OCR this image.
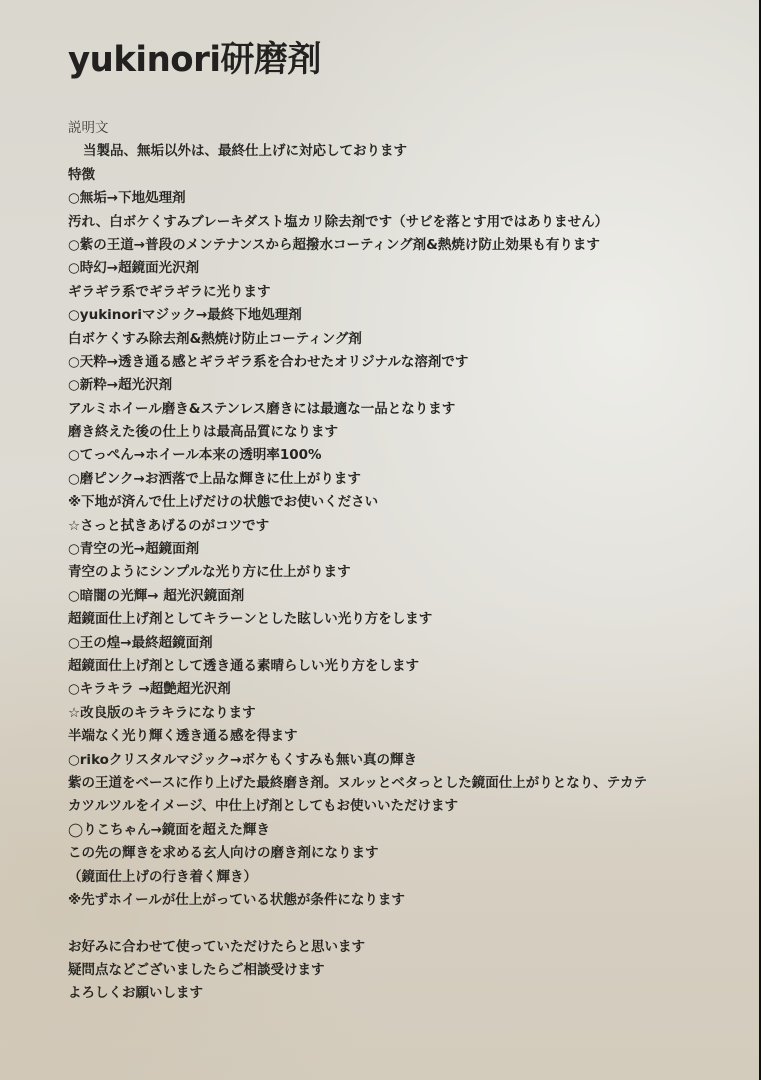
yukinori研磨剤
説明文
当製品、無垢以外は、最終仕上げに対応しております
特徴
○無垢→下地処理剤
汚れ、白ボケくすみブレーキダスト塩カリ除去剤です（サビを落とす用ではありません）
○紫の王道→普段のメンテナンスから超撥水コーティング剤&熱焼け防止効果も有ります
○時幻→超鏡面光沢剤
ギラギラ系でギラギラに光ります
○yukinoriマジック→最終下地処理剤
白ボケくすみ除去剤&熱焼け防止コーティング剤
○天粋→透き通る感とギラギラ系を合わせたオリジナルな溶剤です
○新粋→超光沢剤
アルミホイール磨き&ステンレス磨きには最適な一品となります
磨き終えた後の仕上りは最高品質になります
○てっぺん→ホイール本来の透明率100%
○磨ピンク→お洒落で上品な輝きに仕上がります
※下地が済んで仕上げだけの状態でお使いください
☆さっと拭きあげるのがコツです
○青空の光→超鏡面剤
青空のようにシンプルな光り方に仕上がります
○暗闇の光輝→ 超光沢鏡面剤
超鏡面仕上げ剤としてキラーンとした眩しい光り方をします
○王の煌→最終超鏡面剤
超鏡面仕上げ剤として透き通る素晴らしい光り方をします
○キラキラ →超艶超光沢剤
☆改良版のキラキラになります
半端なく光り輝く透き通る感を得ます
○rikoクリスタルマジック→ボケもくすみも無い真の輝き
紫の王道をベースに作り上げた最終磨き剤。ヌルッとベタっとした鏡面仕上がりとなり、テカテ
カツルツルをイメージ、中仕上げ剤としてもお使いいただけます
◯りこちゃん→鏡面を超えた輝き
この先の輝きを求める玄人向けの磨き剤になります
（鏡面仕上げの行き着く輝き）
※先ずホイールが仕上がっている状態が条件になります
お好みに合わせて使っていただけたらと思います
疑問点などございましたらご相談受けます
よろしくお願いします
